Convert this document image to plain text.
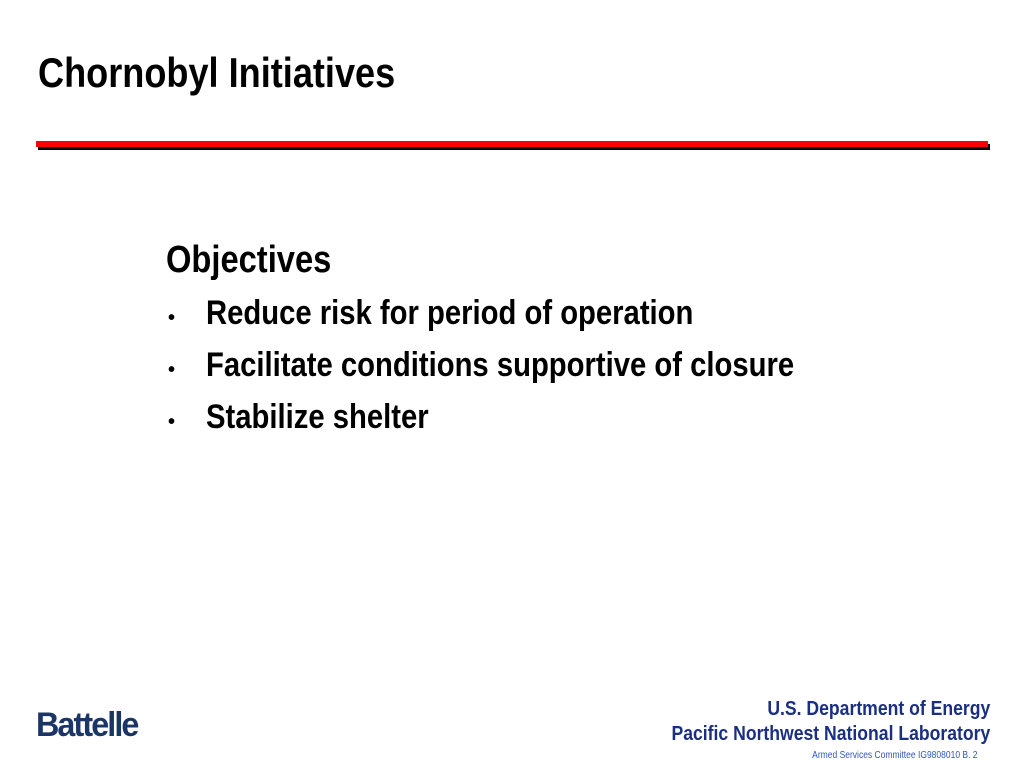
Chornobyl Initiatives
Objectives
• Reduce risk for period of operation
• Facilitate conditions supportive of closure
• Stabilize shelter
Battelle	U.S. Department of Energy
Pacific Northwest National Laboratory
Armed Services Committee IG9808010 B. 2
